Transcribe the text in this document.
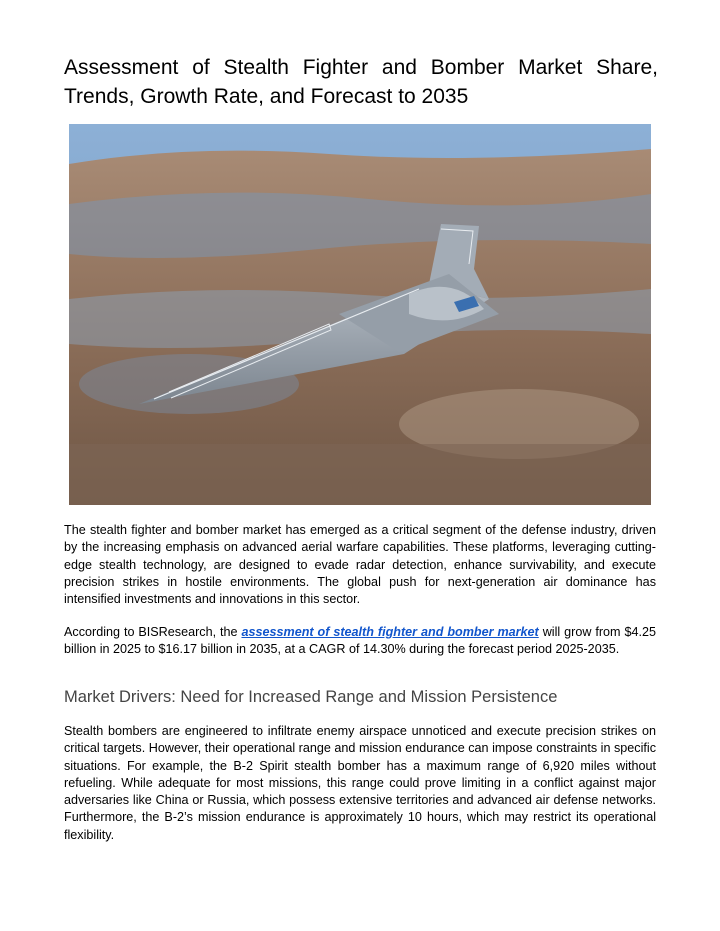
Assessment of Stealth Fighter and Bomber Market Share, Trends, Growth Rate, and Forecast to 2035

The stealth fighter and bomber market has emerged as a critical segment of the defense industry, driven by the increasing emphasis on advanced aerial warfare capabilities. These platforms, leveraging cutting-edge stealth technology, are designed to evade radar detection, enhance survivability, and execute precision strikes in hostile environments. The global push for next-generation air dominance has intensified investments and innovations in this sector.

According to BISResearch, the assessment of stealth fighter and bomber market will grow from $4.25 billion in 2025 to $16.17 billion in 2035, at a CAGR of 14.30% during the forecast period 2025-2035.

Market Drivers: Need for Increased Range and Mission Persistence

Stealth bombers are engineered to infiltrate enemy airspace unnoticed and execute precision strikes on critical targets. However, their operational range and mission endurance can impose constraints in specific situations. For example, the B-2 Spirit stealth bomber has a maximum range of 6,920 miles without refueling. While adequate for most missions, this range could prove limiting in a conflict against major adversaries like China or Russia, which possess extensive territories and advanced air defense networks. Furthermore, the B-2’s mission endurance is approximately 10 hours, which may restrict its operational flexibility.
